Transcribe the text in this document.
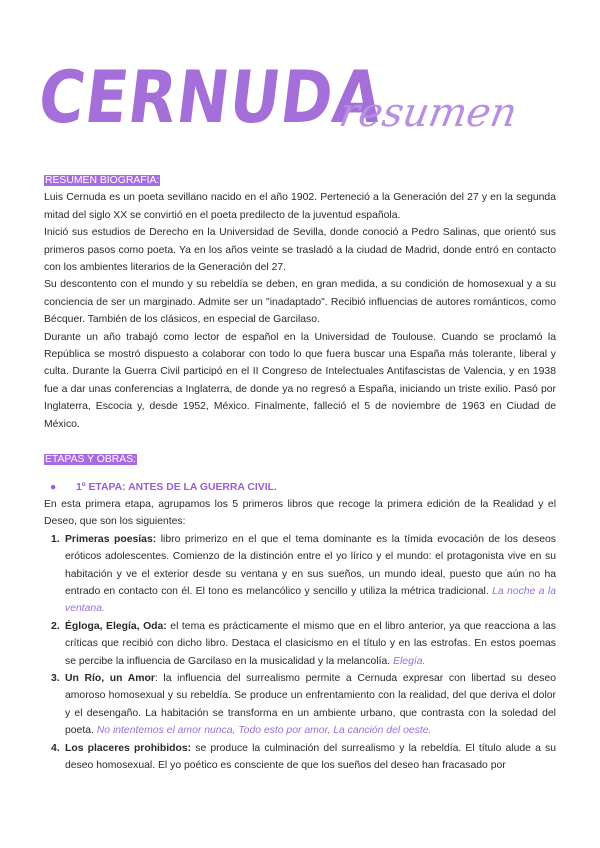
CERNUDA
resumen
RESUMEN BIOGRAFÍA:

Luis Cernuda es un poeta sevillano nacido en el año 1902. Perteneció a la Generación del 27 y en la segunda mitad del siglo XX se convirtió en el poeta predilecto de la juventud española.

Inició sus estudios de Derecho en la Universidad de Sevilla, donde conoció a Pedro Salinas, que orientó sus primeros pasos como poeta. Ya en los años veinte se trasladó a la ciudad de Madrid, donde entró en contacto con los ambientes literarios de la Generación del 27.

Su descontento con el mundo y su rebeldía se deben, en gran medida, a su condición de homosexual y a su conciencia de ser un marginado. Admite ser un "inadaptado". Recibió influencias de autores románticos, como Bécquer. También de los clásicos, en especial de Garcilaso.

Durante un año trabajó como lector de español en la Universidad de Toulouse. Cuando se proclamó la República se mostró dispuesto a colaborar con todo lo que fuera buscar una España más tolerante, liberal y culta. Durante la Guerra Civil participó en el II Congreso de Intelectuales Antifascistas de Valencia, y en 1938 fue a dar unas conferencias a Inglaterra, de donde ya no regresó a España, iniciando un triste exilio. Pasó por Inglaterra, Escocia y, desde 1952, México. Finalmente, falleció el 5 de noviembre de 1963 en Ciudad de México.

ETAPAS Y OBRAS:
● 1º ETAPA: ANTES DE LA GUERRA CIVIL.

En esta primera etapa, agrupamos los 5 primeros libros que recoge la primera edición de la Realidad y el Deseo, que son los siguientes:

1. Primeras poesías: libro primerizo en el que el tema dominante es la tímida evocación de los deseos eróticos adolescentes. Comienzo de la distinción entre el yo lírico y el mundo: el protagonista vive en su habitación y ve el exterior desde su ventana y en sus sueños, un mundo ideal, puesto que aún no ha entrado en contacto con él. El tono es melancólico y sencillo y utiliza la métrica tradicional. La noche a la ventana.
2. Égloga, Elegía, Oda: el tema es prácticamente el mismo que en el libro anterior, ya que reacciona a las críticas que recibió con dicho libro. Destaca el clasicismo en el título y en las estrofas. En estos poemas se percibe la influencia de Garcilaso en la musicalidad y la melancolía. Elegía.
3. Un Río, un Amor: la influencia del surrealismo permite a Cernuda expresar con libertad su deseo amoroso homosexual y su rebeldía. Se produce un enfrentamiento con la realidad, del que deriva el dolor y el desengaño. La habitación se transforma en un ambiente urbano, que contrasta con la soledad del poeta. No intentemos el amor nunca, Todo esto por amor, La canción del oeste.
4. Los placeres prohibidos: se produce la culminación del surrealismo y la rebeldía. El título alude a su deseo homosexual. El yo poético es consciente de que los sueños del deseo han fracasado por
